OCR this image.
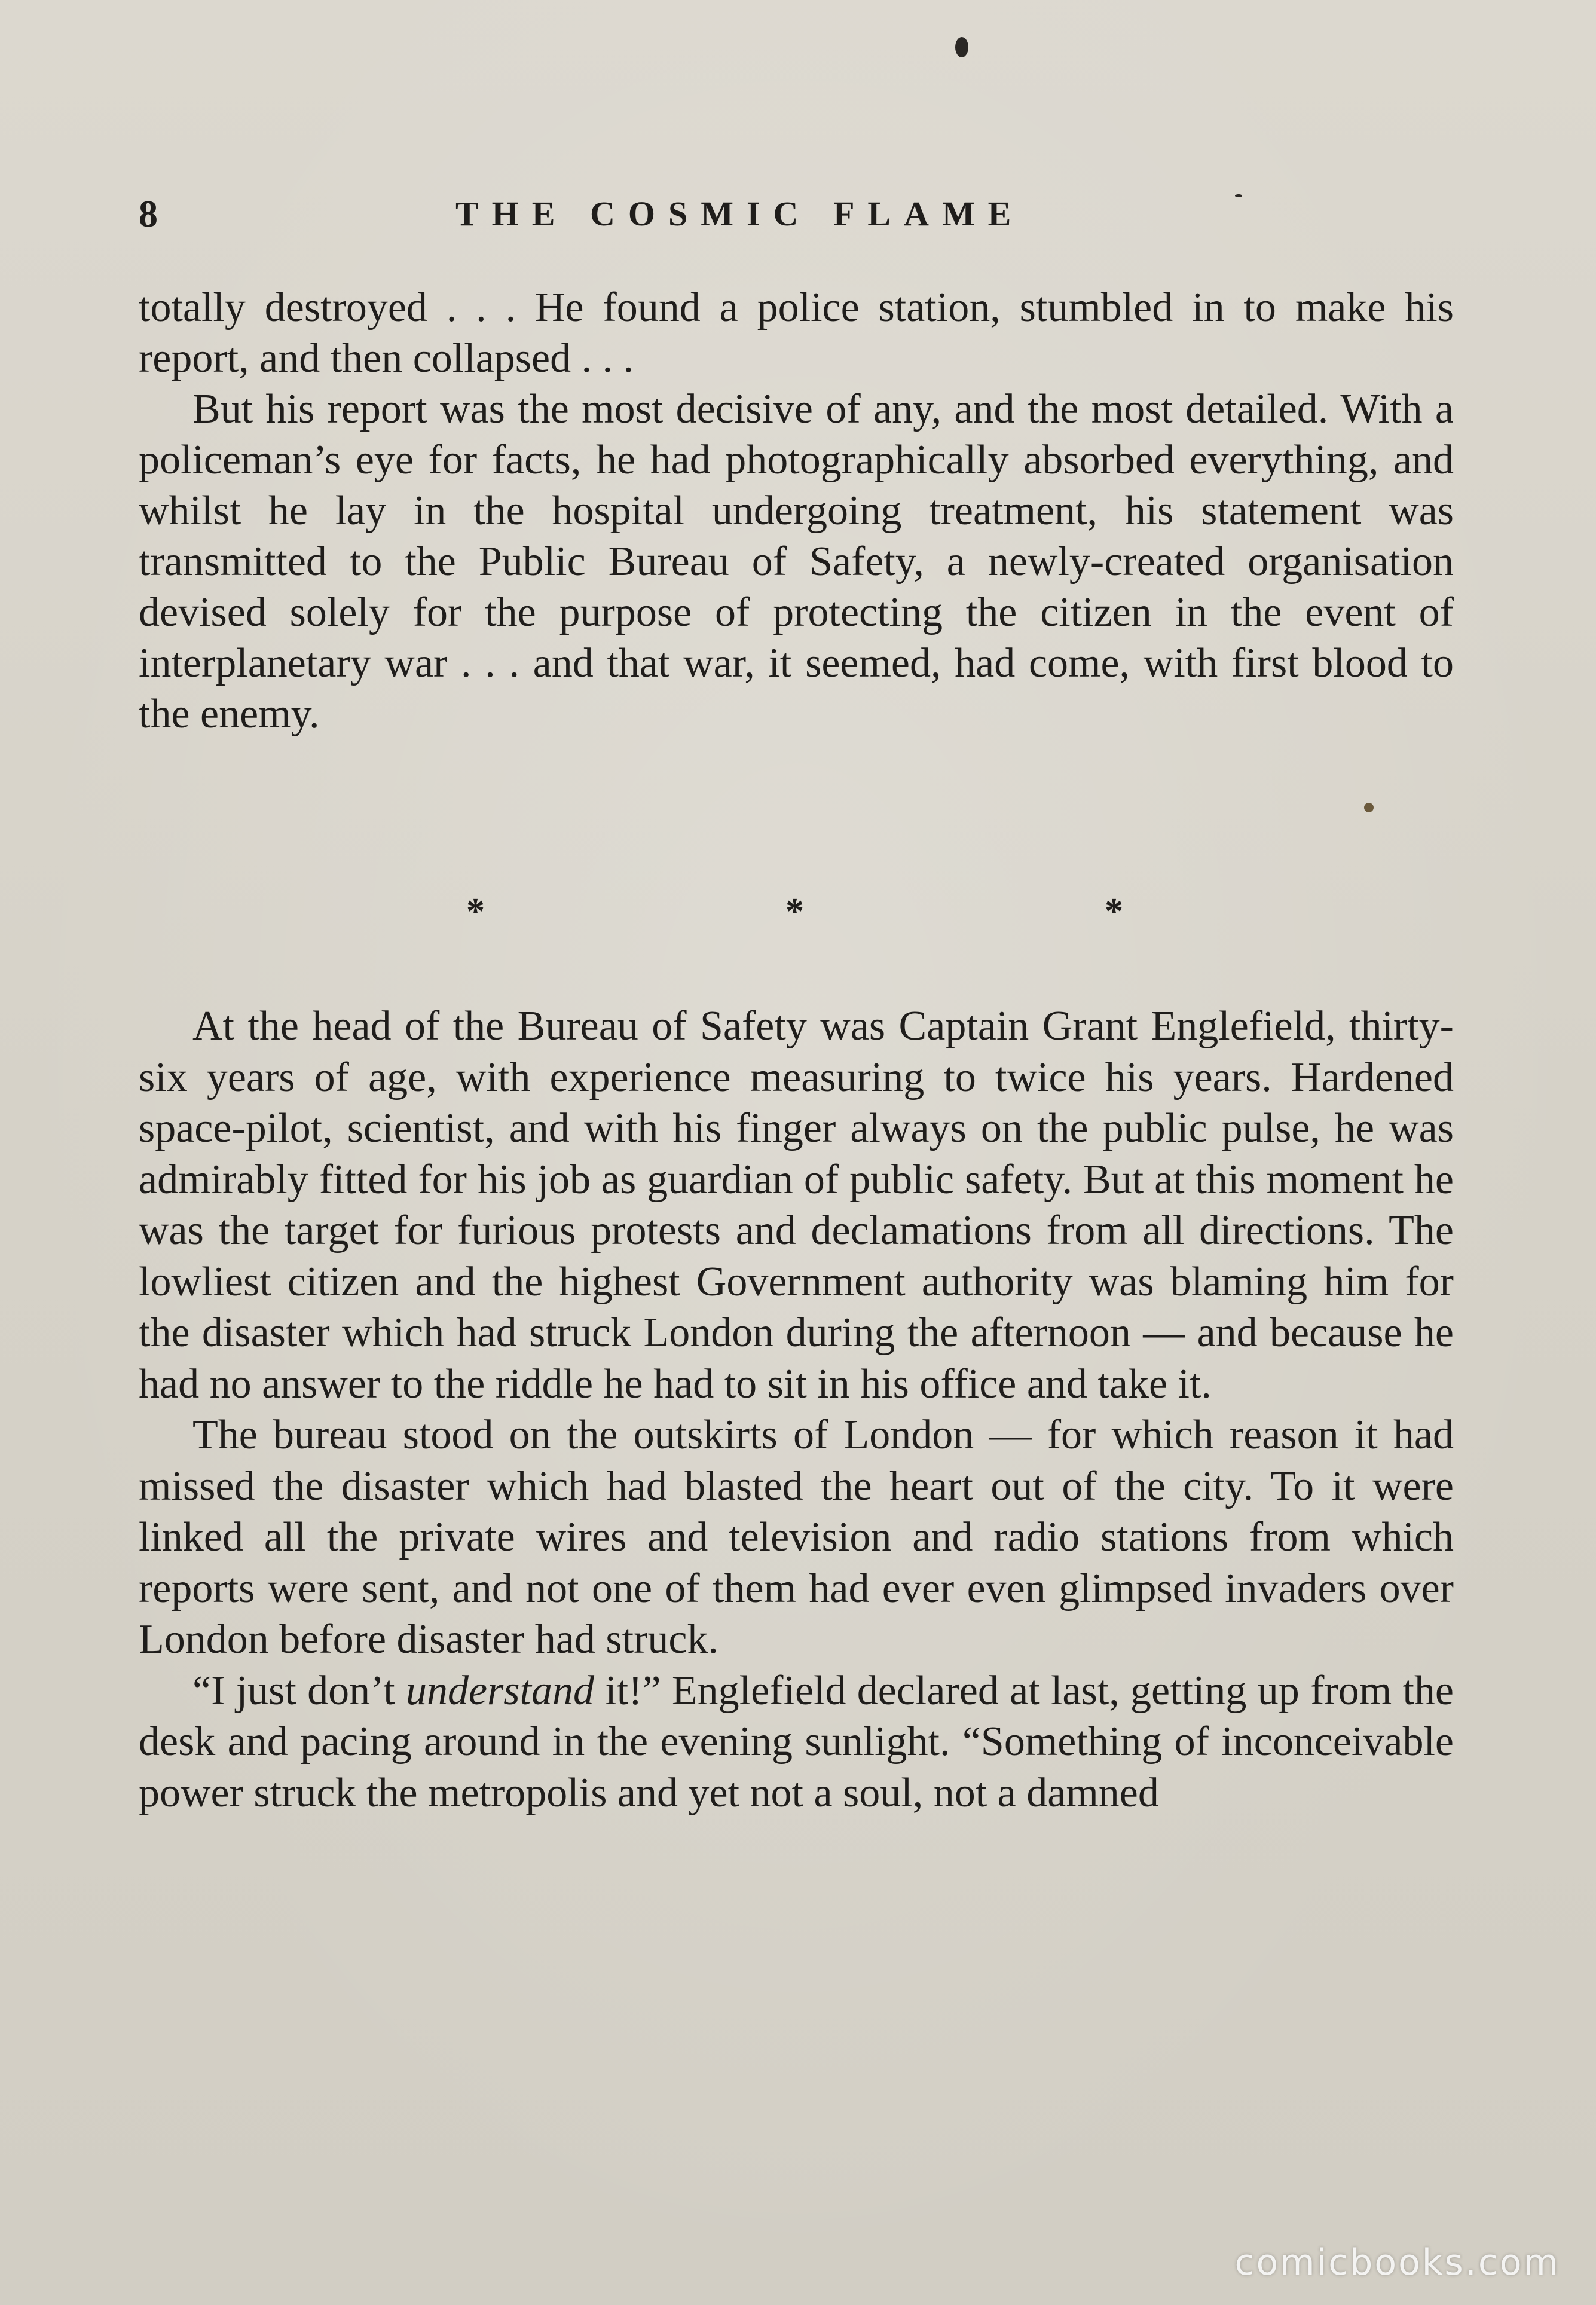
8	THE COSMIC FLAME

totally destroyed . . . He found a police station, stumbled in to make his report, and then collapsed . . .

But his report was the most decisive of any, and the most detailed. With a policeman’s eye for facts, he had photographically absorbed everything, and whilst he lay in the hospital undergoing treatment, his statement was transmitted to the Public Bureau of Safety, a newly-created organisation devised solely for the purpose of protecting the citizen in the event of interplanetary war . . . and that war, it seemed, had come, with first blood to the enemy.

*	*	*

At the head of the Bureau of Safety was Captain Grant Englefield, thirty-six years of age, with experience measuring to twice his years. Hardened space-pilot, scientist, and with his finger always on the public pulse, he was admirably fitted for his job as guardian of public safety. But at this moment he was the target for furious protests and declamations from all directions. The lowliest citizen and the highest Government authority was blaming him for the disaster which had struck London during the afternoon — and because he had no answer to the riddle he had to sit in his office and take it.

The bureau stood on the outskirts of London — for which reason it had missed the disaster which had blasted the heart out of the city. To it were linked all the private wires and television and radio stations from which reports were sent, and not one of them had ever even glimpsed invaders over London before disaster had struck.

“I just don’t understand it!” Englefield declared at last, getting up from the desk and pacing around in the evening sunlight. “Something of inconceivable power struck the metropolis and yet not a soul, not a damned

comicbooks.com
